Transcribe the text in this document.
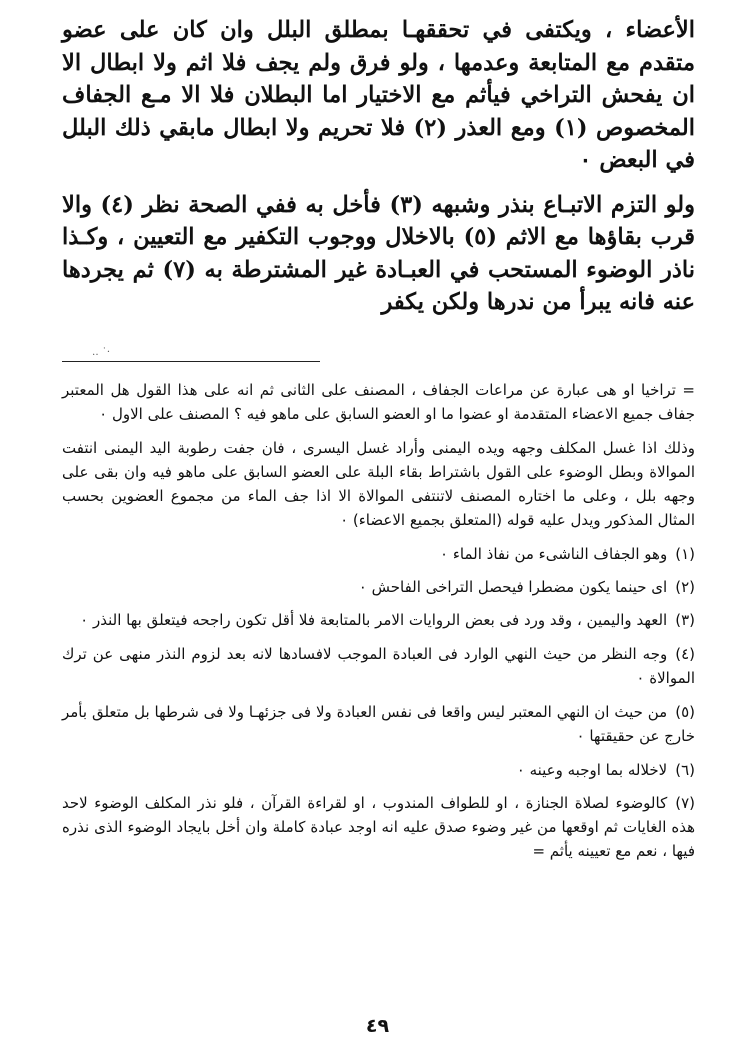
الأعضاء ، ويكتفى في تحققهـا بمطلق البلل وان كان على عضو متقدم مع المتابعة وعدمها ، ولو فرق ولم يجف فلا اثم ولا ابطال الا ان يفحش التراخي فيأثم مع الاختيار اما البطلان فلا الا مـع الجفاف المخصوص (١) ومع العذر (٢) فلا تحريم ولا ابطال مابقي ذلك البلل في البعض ٠

ولو التزم الاتبـاع بنذر وشبهه (٣) فأخل به ففي الصحة نظر (٤) والا قرب بقاؤها مع الاثم (٥) بالاخلال ووجوب التكفير مع التعيين ، وكـذا ناذر الوضوء المستحب في العبـادة غير المشترطة به (٧) ثم يجردها عنه فانه يبرأ من ندرها ولكن يكفر

·˙ ‥

= تراخيا او هى عبارة عن مراعات الجفاف ، المصنف على الثانى ثم انه على هذا القول هل المعتبر جفاف جميع الاعضاء المتقدمة او عضوا ما او العضو السابق على ماهو فيه ؟ المصنف على الاول ٠

وذلك اذا غسل المكلف وجهه ويده اليمنى وأراد غسل اليسرى ، فان جفت رطوبة اليد اليمنى انتفت الموالاة وبطل الوضوء على القول باشتراط بقاء البلة على العضو السابق على ماهو فيه وان بقى على وجهه بلل ، وعلى ما اختاره المصنف لاتنتفى الموالاة الا اذا جف الماء من مجموع العضوين بحسب المثال المذكور ويدل عليه قوله (المتعلق بجميع الاعضاء) ٠

(١)وهو الجفاف الناشىء من نفاذ الماء ٠

(٢)اى حينما يكون مضطرا فيحصل التراخى الفاحش ٠

(٣)العهد واليمين ، وقد ورد فى بعض الروايات الامر بالمتابعة فلا أقل تكون راجحه فيتعلق بها النذر ٠

(٤)وجه النظر من حيث النهي الوارد فى العبادة الموجب لافسادها لانه بعد لزوم النذر منهى عن ترك الموالاة ٠

(٥)من حيث ان النهي المعتبر ليس واقعا فى نفس العبادة ولا فى جزئهـا ولا فى شرطها بل متعلق بأمر خارج عن حقيقتها ٠

(٦)لاخلاله بما اوجبه وعينه ٠

(٧)كالوضوء لصلاة الجنازة ، او للطواف المندوب ، او لقراءة القرآن ، فلو نذر المكلف الوضوء لاحد هذه الغايات ثم اوقعها من غير وضوء صدق عليه انه اوجد عبادة كاملة وان أخل بايجاد الوضوء الذى نذره فيها ، نعم مع تعيينه يأثم =

٤٩
